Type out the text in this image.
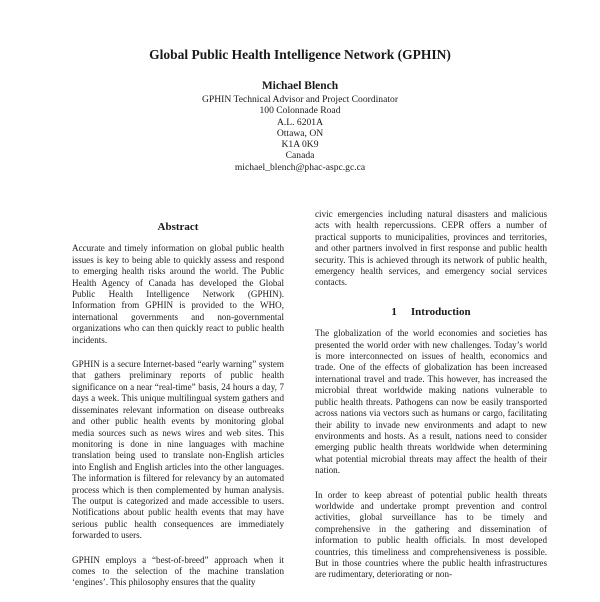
Global Public Health Intelligence Network (GPHIN)
Michael Blench
GPHIN Technical Advisor and Project Coordinator
100 Colonnade Road
A.L. 6201A
Ottawa, ON
K1A 0K9
Canada
michael_blench@phac-aspc.gc.ca
Abstract

Accurate and timely information on global public health issues is key to being able to quickly assess and respond to emerging health risks around the world. The Public Health Agency of Canada has developed the Global Public Health Intelligence Network (GPHIN). Information from GPHIN is provided to the WHO, international governments and non-governmental organizations who can then quickly react to public health incidents.

GPHIN is a secure Internet-based “early warning” system that gathers preliminary reports of public health significance on a near “real-time” basis, 24 hours a day, 7 days a week. This unique multilingual system gathers and disseminates relevant information on disease outbreaks and other public health events by monitoring global media sources such as news wires and web sites. This monitoring is done in nine languages with machine translation being used to translate non-English articles into English and English articles into the other languages. The information is filtered for relevancy by an automated process which is then complemented by human analysis. The output is categorized and made accessible to users. Notifications about public health events that may have serious public health consequences are immediately forwarded to users.

GPHIN employs a “best-of-breed” approach when it comes to the selection of the machine translation ‘engines’. This philosophy ensures that the quality

civic emergencies including natural disasters and malicious acts with health repercussions. CEPR offers a number of practical supports to municipalities, provinces and territories, and other partners involved in first response and public health security. This is achieved through its network of public health, emergency health services, and emergency social services contacts.

1 Introduction

The globalization of the world economies and societies has presented the world order with new challenges. Today’s world is more interconnected on issues of health, economics and trade. One of the effects of globalization has been increased international travel and trade. This however, has increased the microbial threat worldwide making nations vulnerable to public health threats. Pathogens can now be easily transported across nations via vectors such as humans or cargo, facilitating their ability to invade new environments and adapt to new environments and hosts. As a result, nations need to consider emerging public health threats worldwide when determining what potential microbial threats may affect the health of their nation.

In order to keep abreast of potential public health threats worldwide and undertake prompt prevention and control activities, global surveillance has to be timely and comprehensive in the gathering and dissemination of information to public health officials. In most developed countries, this timeliness and comprehensiveness is possible. But in those countries where the public health infrastructures are rudimentary, deteriorating or non-
